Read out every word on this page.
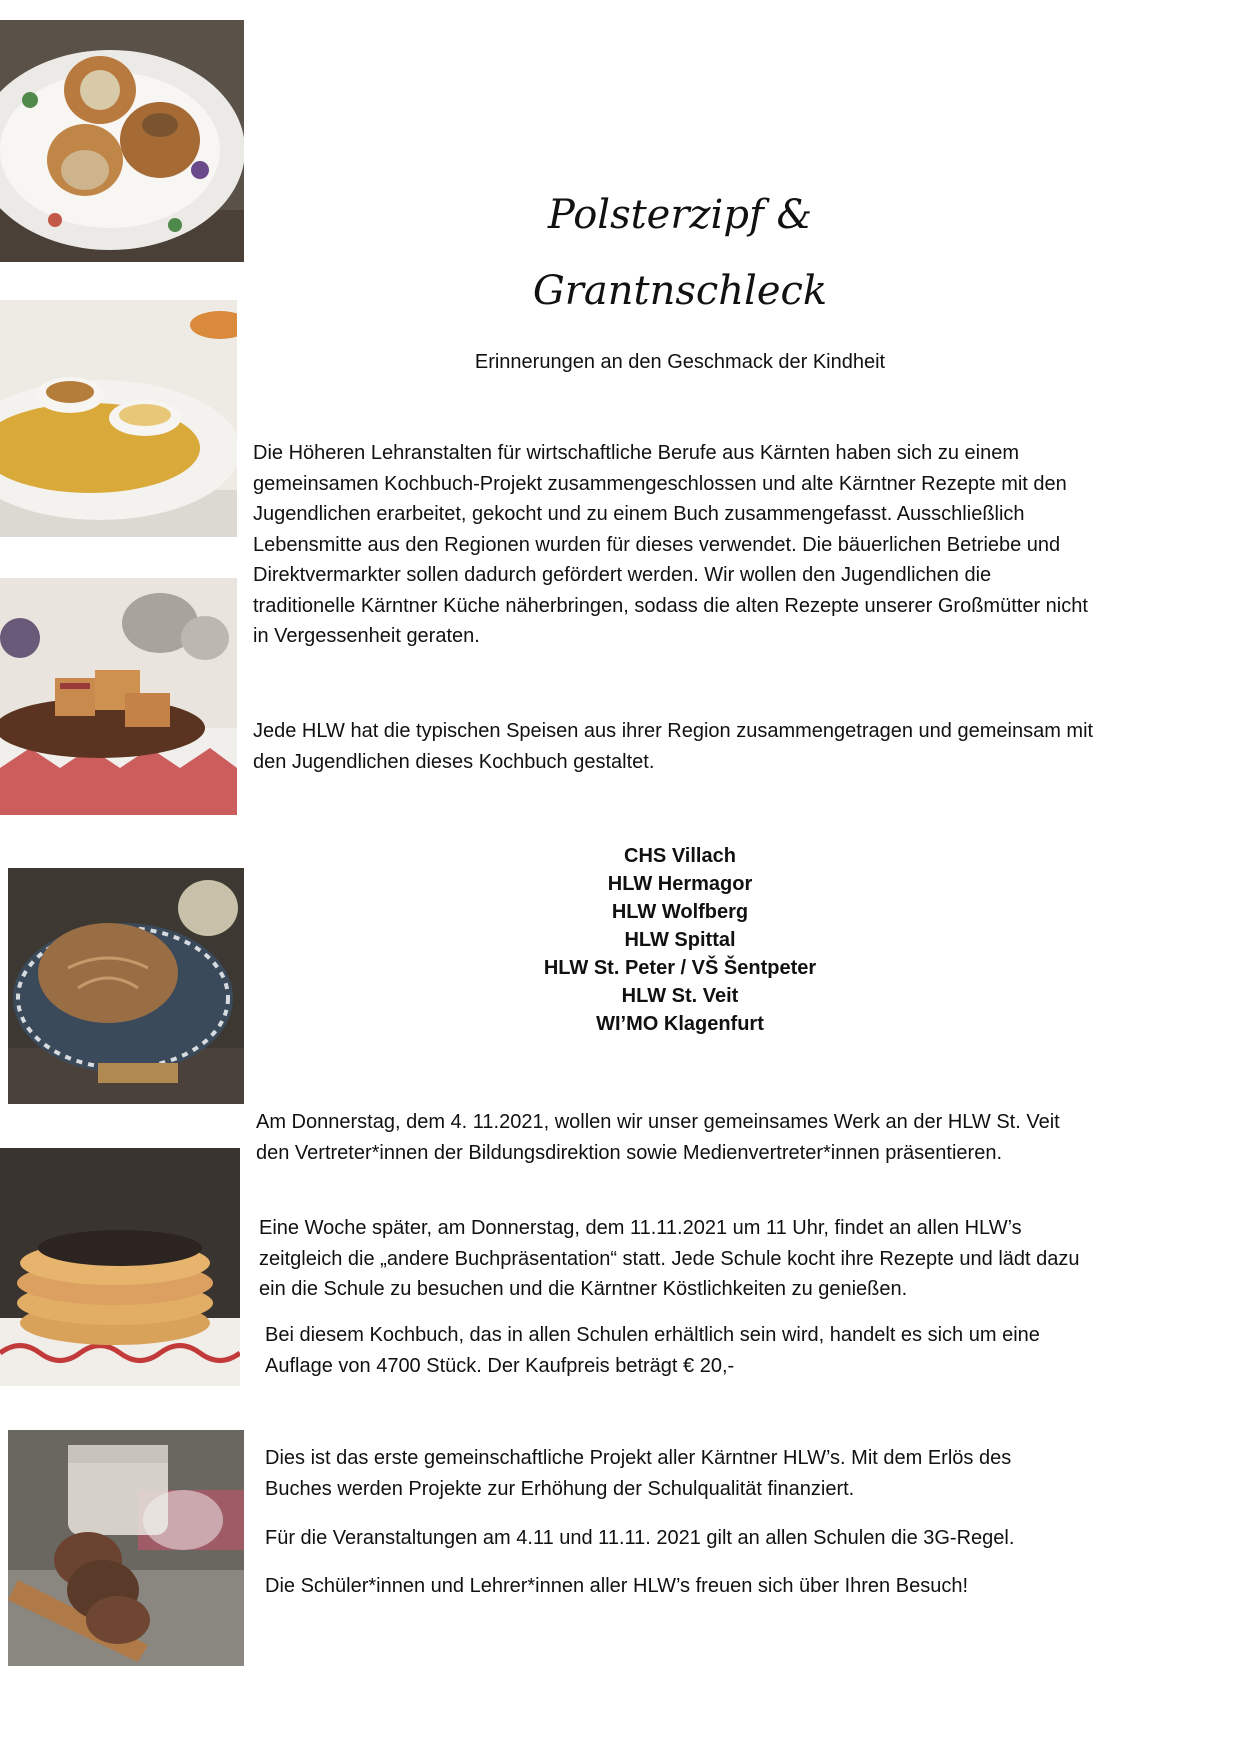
Polsterzipf &
Grantnschleck
Erinnerungen an den Geschmack der Kindheit
Die Höheren Lehranstalten für wirtschaftliche Berufe aus Kärnten haben sich zu einem gemeinsamen Kochbuch-Projekt zusammengeschlossen und alte Kärntner Rezepte mit den Jugendlichen erarbeitet, gekocht und zu einem Buch zusammengefasst. Ausschließlich Lebensmitte aus den Regionen wurden für dieses verwendet. Die bäuerlichen Betriebe und Direktvermarkter sollen dadurch gefördert werden. Wir wollen den Jugendlichen die traditionelle Kärntner Küche näherbringen, sodass die alten Rezepte unserer Großmütter nicht in Vergessenheit geraten.
Jede HLW hat die typischen Speisen aus ihrer Region zusammengetragen und gemeinsam mit den Jugendlichen dieses Kochbuch gestaltet.
CHS Villach
HLW Hermagor
HLW Wolfberg
HLW Spittal
HLW St. Peter / VŠ Šentpeter
HLW St. Veit
WI’MO Klagenfurt
Am Donnerstag, dem 4. 11.2021, wollen wir unser gemeinsames Werk an der HLW St. Veit den Vertreter*innen der Bildungsdirektion sowie Medienvertreter*innen präsentieren.
Eine Woche später, am Donnerstag, dem 11.11.2021 um 11 Uhr, findet an allen HLW’s zeitgleich die „andere Buchpräsentation“ statt. Jede Schule kocht ihre Rezepte und lädt dazu ein die Schule zu besuchen und die Kärntner Köstlichkeiten zu genießen.
Bei diesem Kochbuch, das in allen Schulen erhältlich sein wird, handelt es sich um eine Auflage von 4700 Stück. Der Kaufpreis beträgt € 20,-
Dies ist das erste gemeinschaftliche Projekt aller Kärntner HLW’s. Mit dem Erlös des Buches werden Projekte zur Erhöhung der Schulqualität finanziert.
Für die Veranstaltungen am 4.11 und 11.11. 2021 gilt an allen Schulen die 3G-Regel.
Die Schüler*innen und Lehrer*innen aller HLW’s freuen sich über Ihren Besuch!
